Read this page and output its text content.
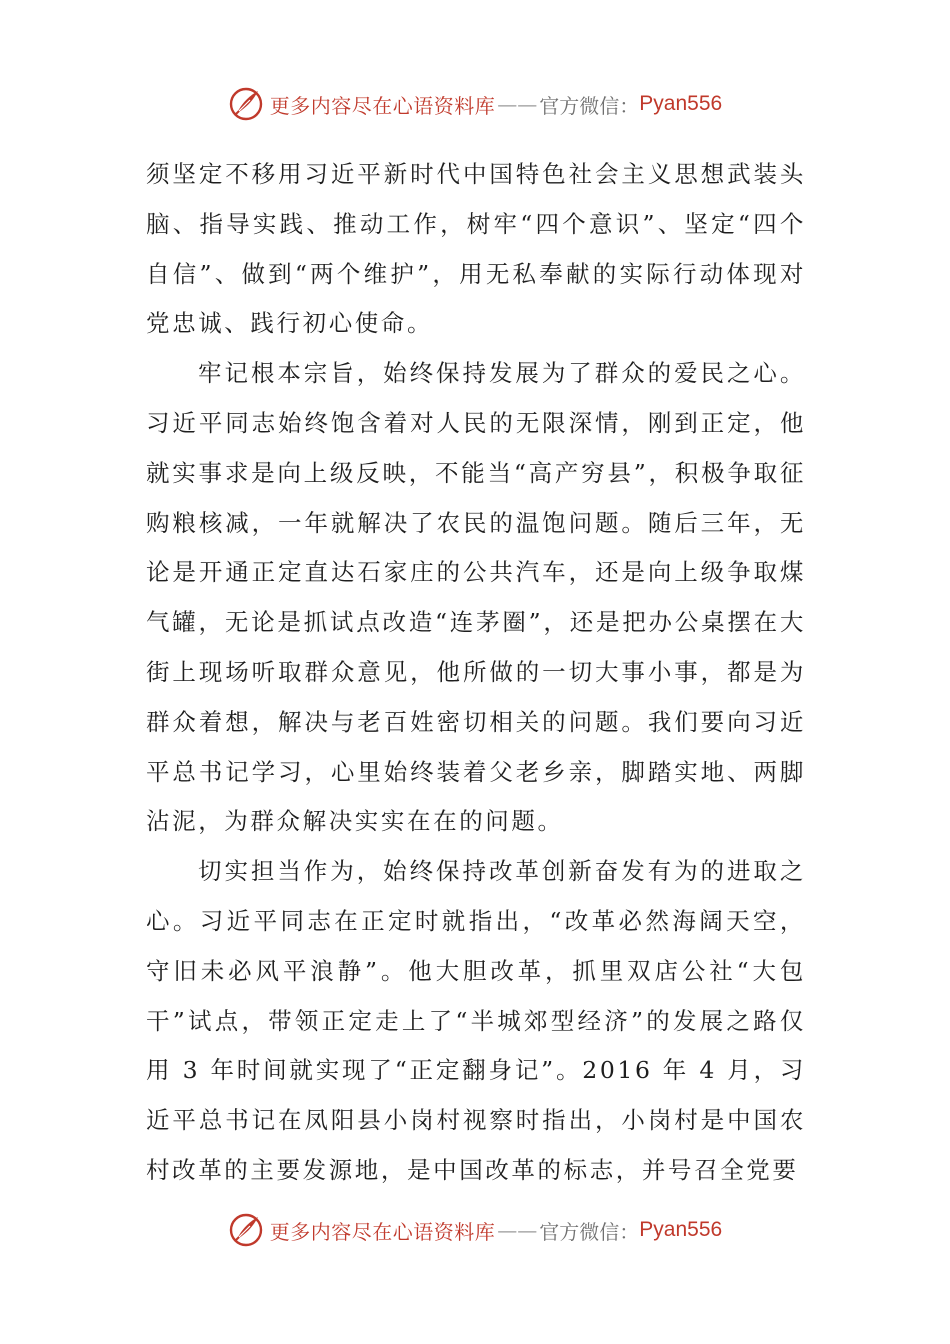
更多内容尽在心语资料库 —— 官方微信： Pyan556

须坚定不移用习近平新时代中国特色社会主义思想武装头脑、指导实践、推动工作，树牢“四个意识”、坚定“四个自信”、做到“两个维护”，用无私奉献的实际行动体现对党忠诚、践行初心使命。

牢记根本宗旨，始终保持发展为了群众的爱民之心。习近平同志始终饱含着对人民的无限深情，刚到正定，他就实事求是向上级反映，不能当“高产穷县”，积极争取征购粮核减，一年就解决了农民的温饱问题。随后三年，无论是开通正定直达石家庄的公共汽车，还是向上级争取煤气罐，无论是抓试点改造“连茅圈”，还是把办公桌摆在大街上现场听取群众意见，他所做的一切大事小事，都是为群众着想，解决与老百姓密切相关的问题。我们要向习近平总书记学习，心里始终装着父老乡亲，脚踏实地、两脚沾泥，为群众解决实实在在的问题。

切实担当作为，始终保持改革创新奋发有为的进取之心。习近平同志在正定时就指出，“改革必然海阔天空，守旧未必风平浪静”。他大胆改革，抓里双店公社“大包干”试点，带领正定走上了“半城郊型经济”的发展之路仅用 3 年时间就实现了“正定翻身记”。2016 年 4 月，习近平总书记在凤阳县小岗村视察时指出，小岗村是中国农村改革的主要发源地，是中国改革的标志，并号召全党要

更多内容尽在心语资料库 —— 官方微信： Pyan556
